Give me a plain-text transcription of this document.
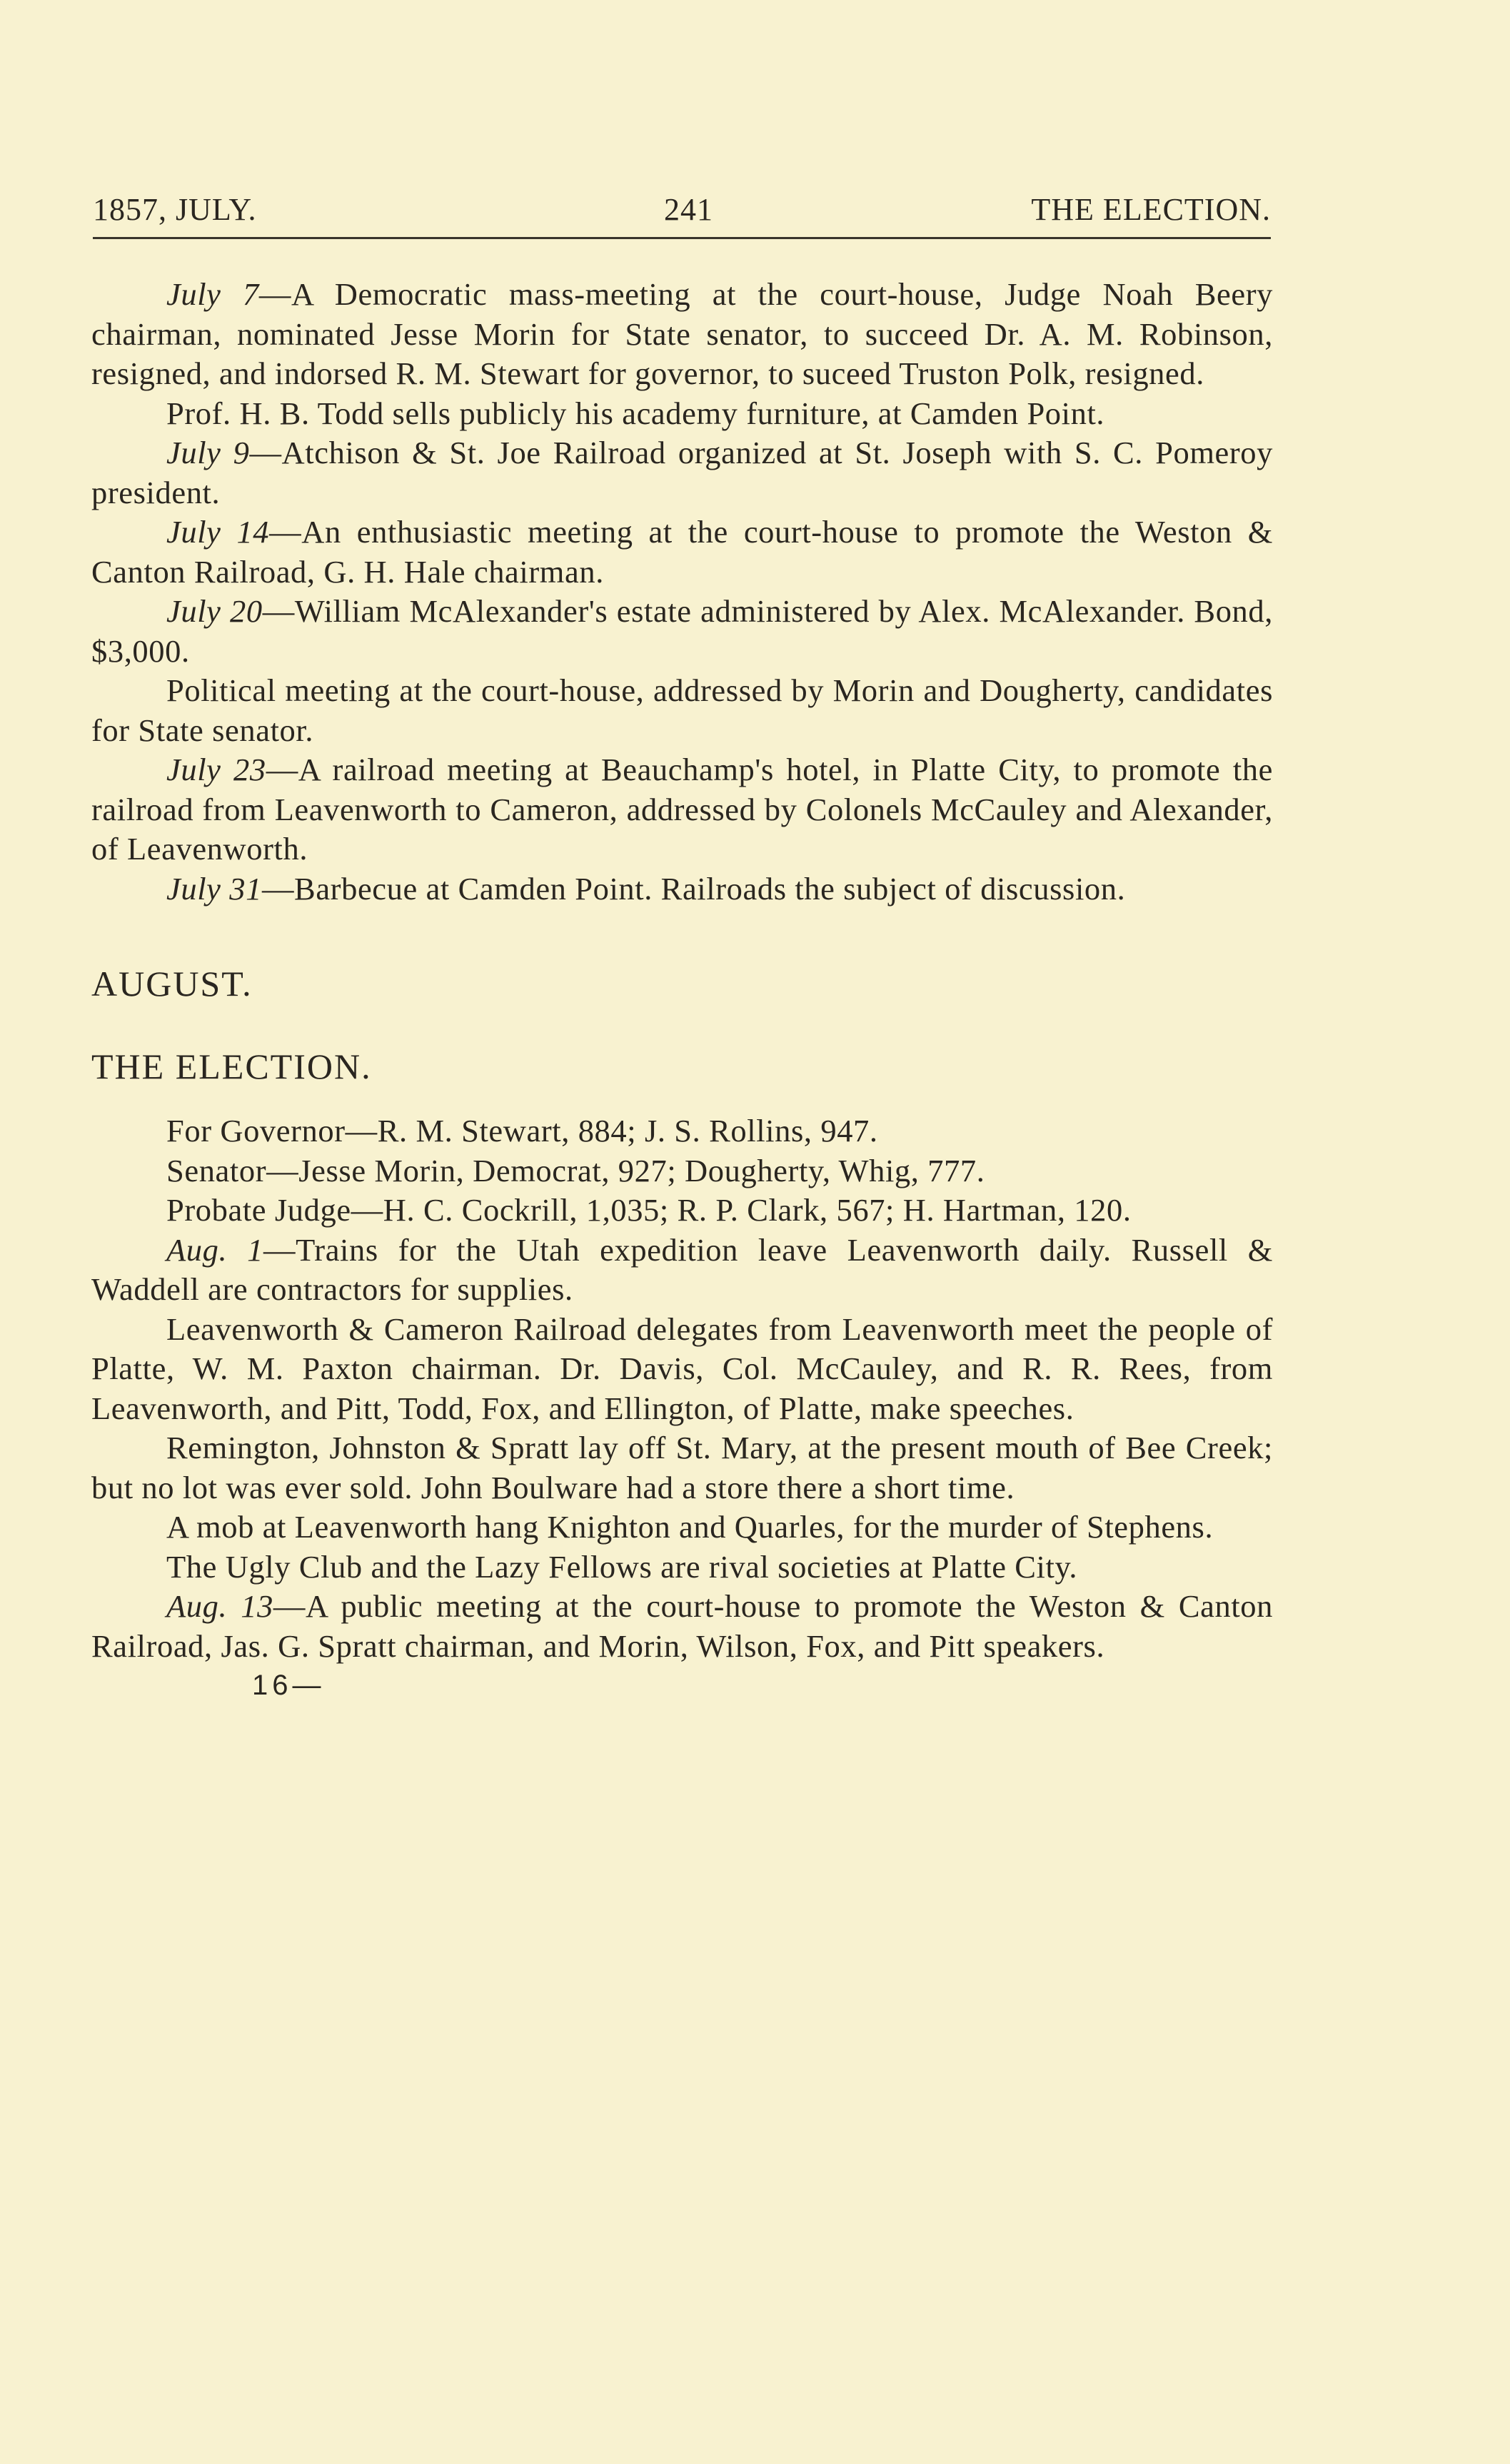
1857, JULY.	241	THE ELECTION.

July 7—A Democratic mass-meeting at the court-house, Judge Noah Beery chairman, nominated Jesse Morin for State senator, to succeed Dr. A. M. Robinson, resigned, and indorsed R. M. Stewart for governor, to suceed Truston Polk, resigned.

Prof. H. B. Todd sells publicly his academy furniture, at Camden Point.

July 9—Atchison & St. Joe Railroad organized at St. Joseph with S. C. Pomeroy president.

July 14—An enthusiastic meeting at the court-house to promote the Weston & Canton Railroad, G. H. Hale chairman.

July 20—William McAlexander's estate administered by Alex. McAlexander. Bond, $3,000.

Political meeting at the court-house, addressed by Morin and Dougherty, candidates for State senator.

July 23—A railroad meeting at Beauchamp's hotel, in Platte City, to promote the railroad from Leavenworth to Cameron, addressed by Colonels McCauley and Alexander, of Leavenworth.

July 31—Barbecue at Camden Point. Railroads the subject of discussion.

AUGUST.

THE ELECTION.

For Governor—R. M. Stewart, 884; J. S. Rollins, 947.

Senator—Jesse Morin, Democrat, 927; Dougherty, Whig, 777.

Probate Judge—H. C. Cockrill, 1,035; R. P. Clark, 567; H. Hartman, 120.

Aug. 1—Trains for the Utah expedition leave Leavenworth daily. Russell & Waddell are contractors for supplies.

Leavenworth & Cameron Railroad delegates from Leavenworth meet the people of Platte, W. M. Paxton chairman. Dr. Davis, Col. McCauley, and R. R. Rees, from Leavenworth, and Pitt, Todd, Fox, and Ellington, of Platte, make speeches.

Remington, Johnston & Spratt lay off St. Mary, at the present mouth of Bee Creek; but no lot was ever sold. John Boulware had a store there a short time.

A mob at Leavenworth hang Knighton and Quarles, for the murder of Stephens.

The Ugly Club and the Lazy Fellows are rival societies at Platte City.

Aug. 13—A public meeting at the court-house to promote the Weston & Canton Railroad, Jas. G. Spratt chairman, and Morin, Wilson, Fox, and Pitt speakers.

16—
